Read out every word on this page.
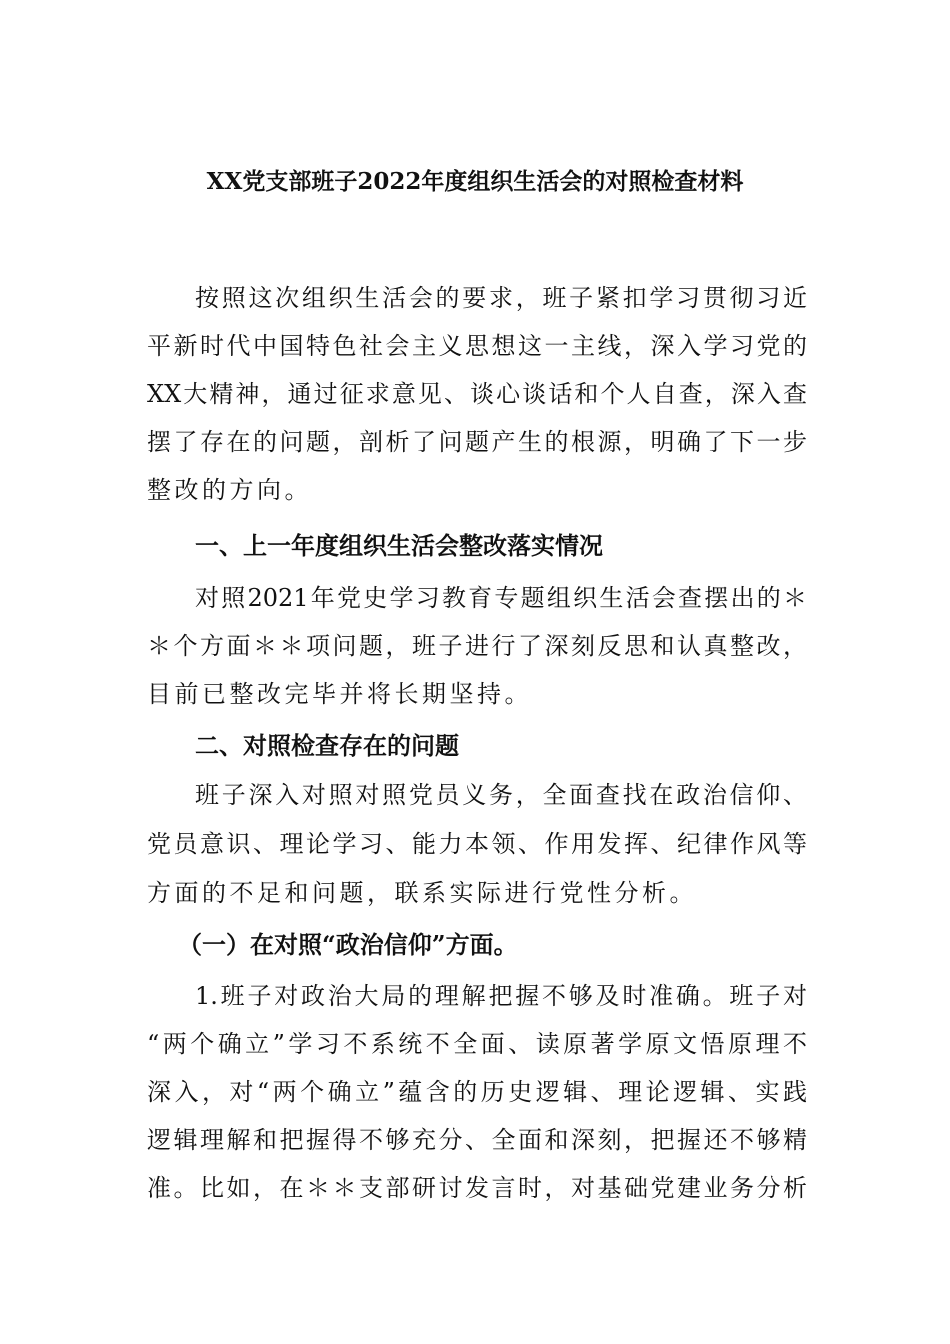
XX党支部班子2022年度组织生活会的对照检查材料
按照这次组织生活会的要求，班子紧扣学习贯彻习近
平新时代中国特色社会主义思想这一主线，深入学习党的
XX大精神，通过征求意见、谈心谈话和个人自查，深入查
摆了存在的问题，剖析了问题产生的根源，明确了下一步
整改的方向。
一、上一年度组织生活会整改落实情况
对照2021年党史学习教育专题组织生活会查摆出的＊
＊个方面＊＊项问题，班子进行了深刻反思和认真整改，
目前已整改完毕并将长期坚持。
二、对照检查存在的问题
班子深入对照对照党员义务，全面查找在政治信仰、
党员意识、理论学习、能力本领、作用发挥、纪律作风等
方面的不足和问题，联系实际进行党性分析。
（一）在对照“政治信仰”方面。
1.班子对政治大局的理解把握不够及时准确。班子对
“两个确立”学习不系统不全面、读原著学原文悟原理不
深入，对“两个确立”蕴含的历史逻辑、理论逻辑、实践
逻辑理解和把握得不够充分、全面和深刻，把握还不够精
准。比如，在＊＊支部研讨发言时，对基础党建业务分析
